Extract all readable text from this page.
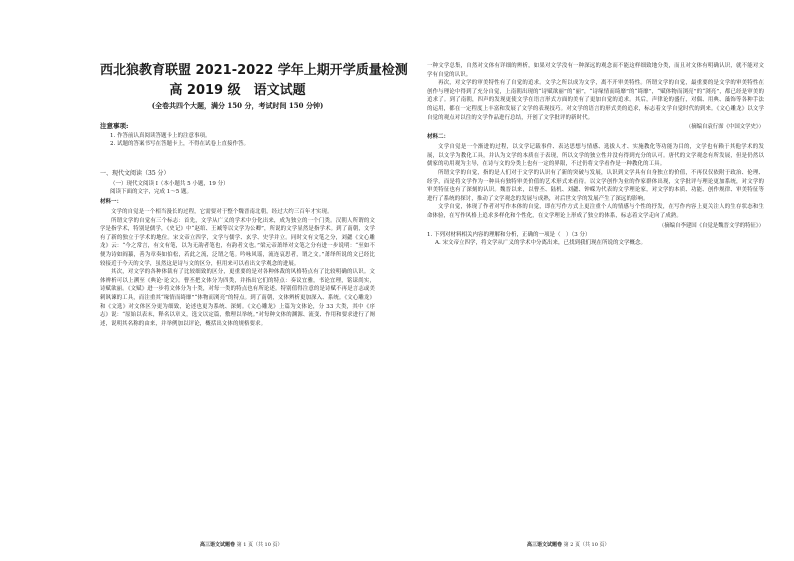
西北狼教育联盟 2021-2022 学年上期开学质量检测
高 2019 级　语文试题

(全卷共四个大题，满分 150 分，考试时间 150 分钟)

注意事项:

1. 作答前认真阅读答题卡上的注意事项。

2. 试题的答案书写在答题卡上，不得在试卷上直接作答。

一、现代文阅读（35 分）

（一）现代文阅读 I（本小题共 5 小题，19 分）

阅读下面的文字，完成 1～5 题。

材料一：

文学的自觉是一个相当漫长的过程，它需要对于整个魏晋南北朝，经过大约三百年才实现。

所谓文学的自觉有三个标志：首先，文学从广义的学术中分化出来，成为独立的一个门类。汉朝人所谓的文学是指学术，特别是儒学，《史记》中“赵绾、王臧等以文学为公卿”，所说的文学显然是指学术。到了南朝，文学有了新的独立于学术的地位。宋文帝立四学，文学与儒学、玄学、史学并立。同时文有文笔之分，刘勰《文心雕龙》云：“今之常言，有文有笔，以为无韵者笔也，有韵者文也。”梁元帝萧绎对文笔之分有进一步说明：“至如不便为诗如阎纂，善为章奏如伯松，若此之流，泛谓之笔。吟咏风谣，流连哀思者，谓之文。”萧绎所说的文已经比较接近于今天的文学，虽然这是诗与文的区分，但用来可以看出文学观念的进展。

其次，对文学的各种体裁有了比较细致的区分，更重要的是对各种体裁的风格特点有了比较明确的认识。文体辨析可以上溯至《典论·论文》。曹丕把文体分为四类，并指出它们的特点：奏议宜雅，书论宜理，铭诔尚实，诗赋欲丽。《文赋》进一步将文体分为十类，对每一类的特点也有所论述。特别值得注意的是诗赋不再是言志或美刺讽谏的工具，而注重其“缘情而绮靡”“体物而浏亮”的特点。到了南朝，文体辨析更加深入、系统。《文心雕龙》和《文选》对文体区分更为细致，论述也更为系统、深刻。《文心雕龙》上篇为文体论，分 33 大类，其中《序志》说：“原始以表末，释名以章义，选文以定篇，敷理以举统。”对每种文体的渊源、流变、作用和要求进行了阐述，说明其名称的由来，并举例加以评论，概括出文体的规格要求。

高三语文试题卷 第 1 页（共 10 页）

一种文学总集，自然对文体有详细的辨析，如果对文学没有一种深远的观念而不能这样细致地分类，而且对文体有明确认识，就不能对文学有自觉的认识。

再次，对文学的审美特性有了自觉的追求。文学之所以成为文学，离不开审美特性。所谓文学的自觉，最重要的是文学的审美特性在创作与理论中得到了充分自觉，上南朝出现的“诗赋欲丽”的“丽”，“诗缘情而绮靡”的“绮靡”，“赋体物而浏亮”的“浏亮”，都已经是审美的追求了。到了南朝，四声的发现更使文学在语言形式方面的美有了更加自觉的追求。其后，声律论的盛行，对偶、用典、藻饰等各种手法的运用，都在一定程度上丰富和发展了文学的表现技巧。对文学的语言的形式美的追求，标志着文学自觉时代的到来。《文心雕龙》以文学自觉的观点对以往的文学作品进行总结，开创了文学批评的新时代。

（摘编自袁行霈《中国文学史》）

材料二：

文学自觉是一个渐进的过程，以文学记载事件、表达思想与情感、选拔人才、实施教化等功能为目的，文学也有赖于其他学术的发展，以文学为教化工具，并认为文学的本质在于表现，所以文学的独立性并没有得到充分的认可。唐代的文学观念有所发展，但是仍然以儒家的功用观为主导，在诗与文的分类上也有一定的界限，不过仍将文学看作是一种教化的工具。

所谓文学的自觉，指的是人们对于文学的认识有了新的突破与发展，认识到文学具有自身独立的价值，不再仅仅依附于政治、伦理、经学，而是将文学作为一种具有独特审美价值的艺术形式来看待。以文学创作为业的作家群体出现，文学批评与理论更加系统，对文学的审美特征也有了深刻的认识。魏晋以来，以曹丕、陆机、刘勰、钟嵘为代表的文学理论家，对文学的本质、功能、创作规律、审美特征等进行了系统的探讨，推动了文学观念的发展与成熟，对后世文学的发展产生了深远的影响。

文学自觉，体现了作者对写作本体的自觉，即在写作方式上更注重个人的情感与个性的抒发，在写作内容上更关注人的生存状态和生命体验，在写作风格上追求多样化和个性化，在文学理论上形成了独立的体系，标志着文学走向了成熟。

（摘编自李建国《自觉是魏晋文学的特征》）

1. 下列对材料相关内容的理解和分析，正确的一项是（　）（3 分）

A. 宋文帝立四学，将文学从广义的学术中分离出来，已找到我们现在所说的文学概念。

高三语文试题卷 第 2 页（共 10 页）
